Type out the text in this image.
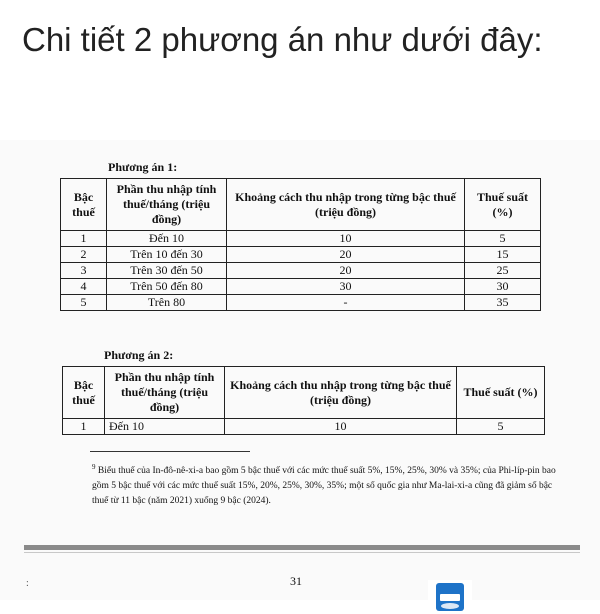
Chi tiết 2 phương án như dưới đây:
Phương án 1:
Bậc thuế	Phần thu nhập tính thuế/tháng (triệu đồng)	Khoảng cách thu nhập trong từng bậc thuế (triệu đồng)	Thuế suất (%)
1	Đến 10	10	5
2	Trên 10 đến 30	20	15
3	Trên 30 đến 50	20	25
4	Trên 50 đến 80	30	30
5	Trên 80	-	35
Phương án 2:
Bậc thuế	Phần thu nhập tính thuế/tháng (triệu đồng)	Khoảng cách thu nhập trong từng bậc thuế (triệu đồng)	Thuế suất (%)
1	Đến 10	10	5

$^9$ Biểu thuế của In-đô-nê-xi-a bao gồm 5 bậc thuế với các mức thuế suất 5%, 15%, 25%, 30% và 35%; của Phi-líp-pin bao gồm 5 bậc thuế với các mức thuế suất 15%, 20%, 25%, 30%, 35%; một số quốc gia như Ma-lai-xi-a cũng đã giảm số bậc thuế từ 11 bậc (năm 2021) xuống 9 bậc (2024).

:	31
